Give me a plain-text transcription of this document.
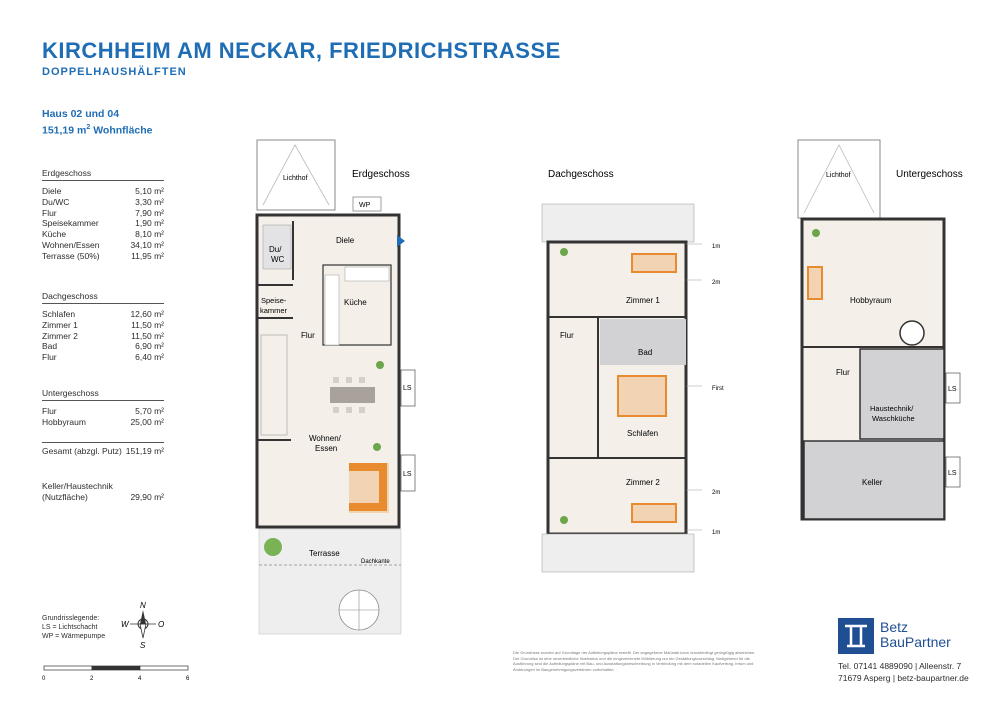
KIRCHHEIM AM NECKAR, FRIEDRICHSTRASSE
DOPPELHAUSHÄLFTEN
Haus 02 und 04
151,19 $m^2$ Wohnfläche
Erdgeschoss
Diele	5,10 m²
Du/WC	3,30 m²
Flur	7,90 m²
Speisekammer	1,90 m²
Küche	8,10 m²
Wohnen/Essen	34,10 m²
Terrasse (50%)	11,95 m²
Dachgeschoss
Schlafen	12,60 m²
Zimmer 1	11,50 m²
Zimmer 2	11,50 m²
Bad	6,90 m²
Flur	6,40 m²
Untergeschoss
Flur	5,70 m²
Hobbyraum	25,00 m²
Gesamt (abzgl. Putz) 151,19 m²
Keller/Haustechnik
(Nutzfläche)	29,90 m²
Grundrisslegende:
LS = Lichtschacht
WP = Wärmepumpe
N
S
W	O
0	2	4	6
Lichthof	Erdgeschoss
WP
Du/
WC
Diele
Speise-
kammer
Küche
Flur
LS
LS
Wohnen/
Essen
Terrasse
Dachkante
Dachgeschoss
Zimmer 1
Flur
Bad
Schlafen
Zimmer 2
1m
2m
First
2m
1m
Lichthof	Untergeschoss
Hobbyraum
Flur
Haustechnik/
Waschküche
Keller
LS
LS
Die Grundrisse wurden auf Grundlage der Aufteilungspläne erstellt. Der angegebene Maßstab kann druckbedingt geringfügig abweichen. Der Grundriss ist eine unverbindliche Illustration und die eingezeichnete Möblierung nur ein Gestaltungsvorschlag. Maßgebend für die Ausführung sind die Aufteilungspläne mit Bau- und Ausstattungsbeschreibung in Verbindung mit dem notariellen Kaufvertrag. Irrtum und Änderungen im Baugenehmigungsverfahren vorbehalten.
Betz
BauPartner
Tel. 07141 4889090 | Alleenstr. 7
71679 Asperg | betz-baupartner.de
